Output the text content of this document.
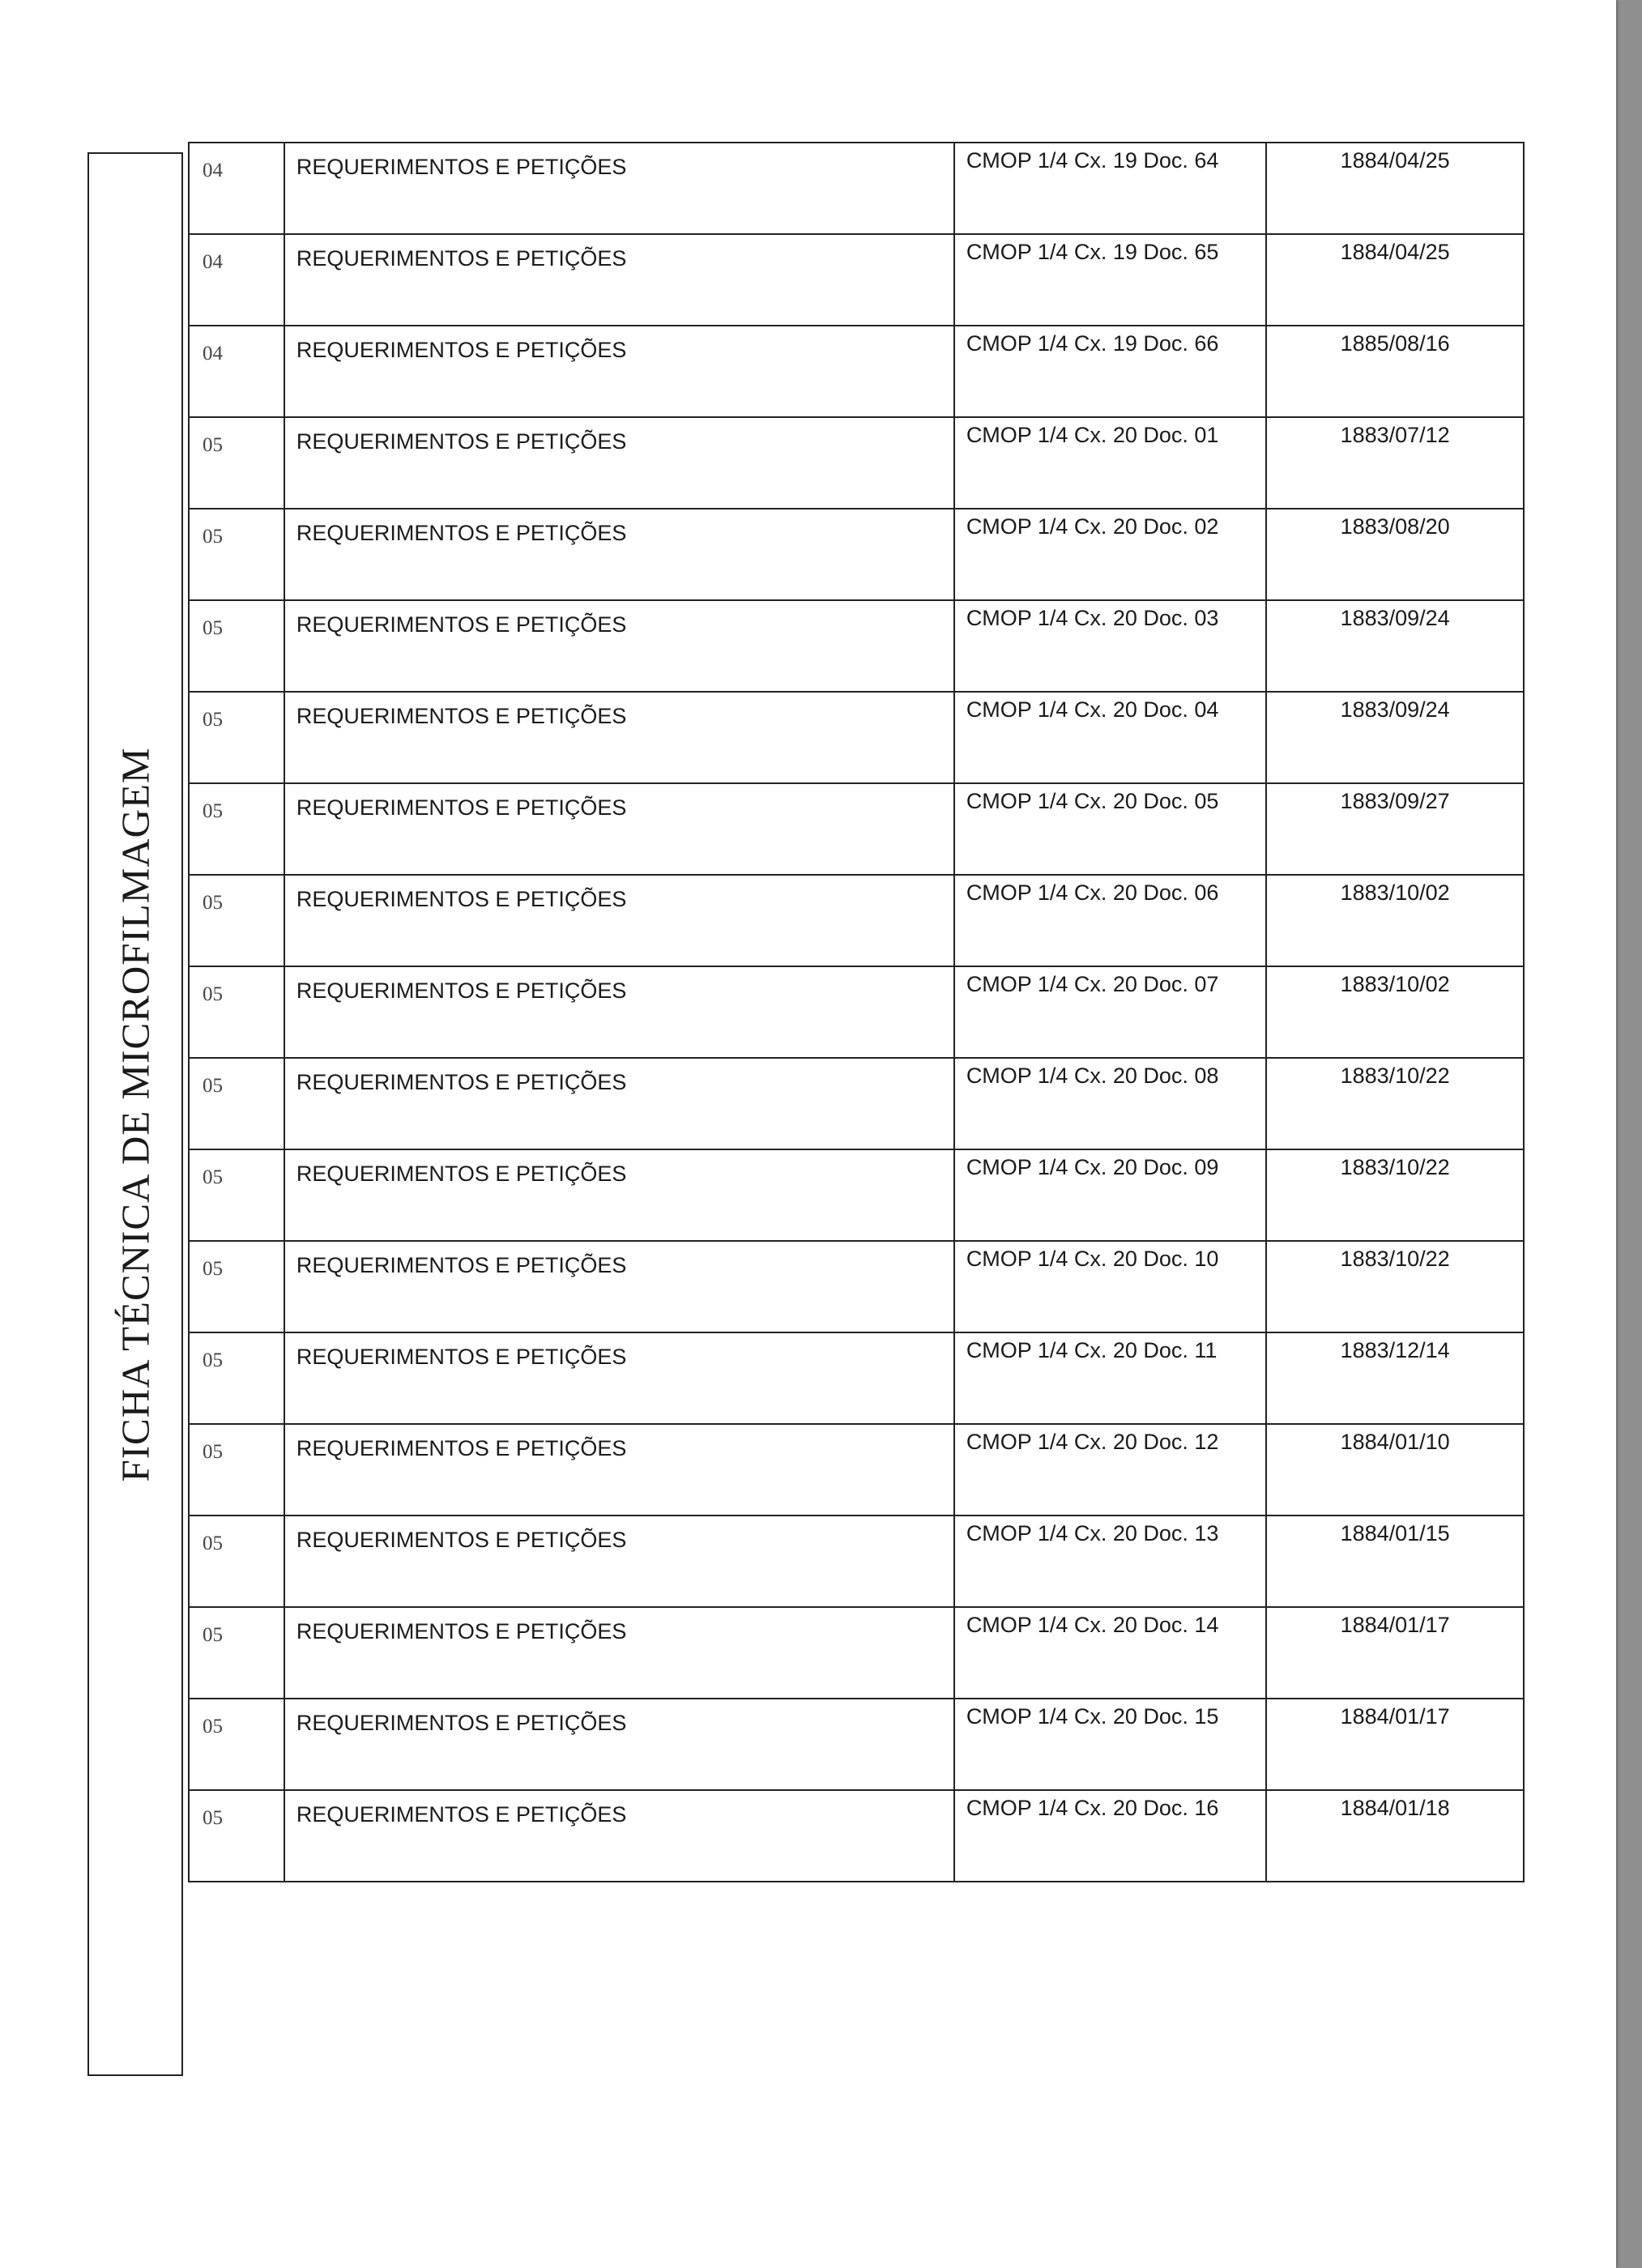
FICHA TÉCNICA DE MICROFILMAGEM
04	REQUERIMENTOS E PETIÇÕES	CMOP 1/4 Cx. 19 Doc. 64	1884/04/25
04	REQUERIMENTOS E PETIÇÕES	CMOP 1/4 Cx. 19 Doc. 65	1884/04/25
04	REQUERIMENTOS E PETIÇÕES	CMOP 1/4 Cx. 19 Doc. 66	1885/08/16
05	REQUERIMENTOS E PETIÇÕES	CMOP 1/4 Cx. 20 Doc. 01	1883/07/12
05	REQUERIMENTOS E PETIÇÕES	CMOP 1/4 Cx. 20 Doc. 02	1883/08/20
05	REQUERIMENTOS E PETIÇÕES	CMOP 1/4 Cx. 20 Doc. 03	1883/09/24
05	REQUERIMENTOS E PETIÇÕES	CMOP 1/4 Cx. 20 Doc. 04	1883/09/24
05	REQUERIMENTOS E PETIÇÕES	CMOP 1/4 Cx. 20 Doc. 05	1883/09/27
05	REQUERIMENTOS E PETIÇÕES	CMOP 1/4 Cx. 20 Doc. 06	1883/10/02
05	REQUERIMENTOS E PETIÇÕES	CMOP 1/4 Cx. 20 Doc. 07	1883/10/02
05	REQUERIMENTOS E PETIÇÕES	CMOP 1/4 Cx. 20 Doc. 08	1883/10/22
05	REQUERIMENTOS E PETIÇÕES	CMOP 1/4 Cx. 20 Doc. 09	1883/10/22
05	REQUERIMENTOS E PETIÇÕES	CMOP 1/4 Cx. 20 Doc. 10	1883/10/22
05	REQUERIMENTOS E PETIÇÕES	CMOP 1/4 Cx. 20 Doc. 11	1883/12/14
05	REQUERIMENTOS E PETIÇÕES	CMOP 1/4 Cx. 20 Doc. 12	1884/01/10
05	REQUERIMENTOS E PETIÇÕES	CMOP 1/4 Cx. 20 Doc. 13	1884/01/15
05	REQUERIMENTOS E PETIÇÕES	CMOP 1/4 Cx. 20 Doc. 14	1884/01/17
05	REQUERIMENTOS E PETIÇÕES	CMOP 1/4 Cx. 20 Doc. 15	1884/01/17
05	REQUERIMENTOS E PETIÇÕES	CMOP 1/4 Cx. 20 Doc. 16	1884/01/18
